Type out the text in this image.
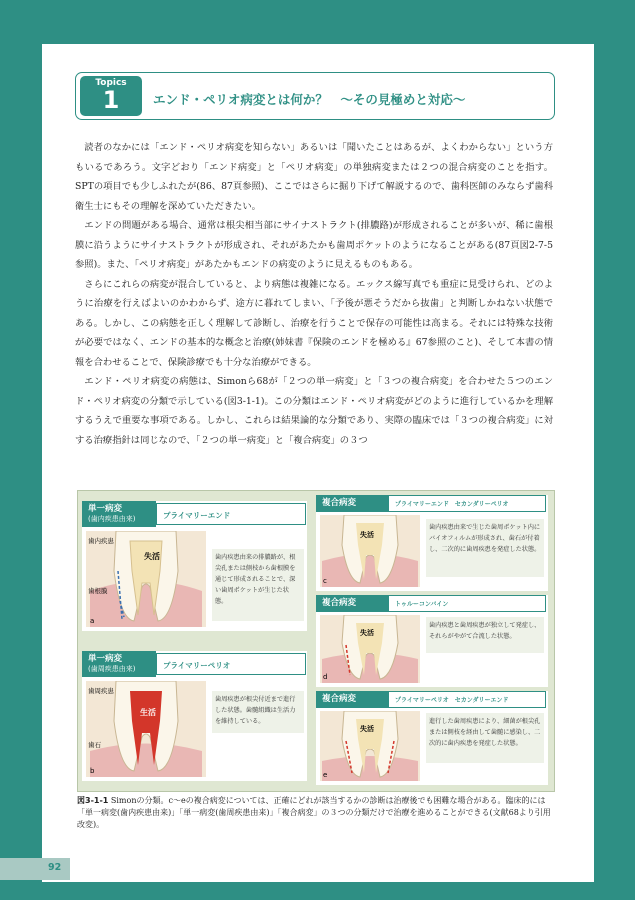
Topics
1	エンド・ペリオ病変とは何か？　～その見極めと対応～

読者のなかには「エンド・ペリオ病変を知らない」あるいは「聞いたことはあるが、よくわからない」という方もいるであろう。文字どおり「エンド病変」と「ペリオ病変」の単独病変または２つの混合病変のことを指す。SPTの項目でも少しふれたが(86、87頁参照)、ここではさらに掘り下げて解説するので、歯科医師のみならず歯科衛生士にもその理解を深めていただきたい。

エンドの問題がある場合、通常は根尖相当部にサイナストラクト(排膿路)が形成されることが多いが、稀に歯根膜に沿うようにサイナストラクトが形成され、それがあたかも歯周ポケットのようになることがある(87頁図2-7-5参照)。また、「ペリオ病変」があたかもエンドの病変のように見えるものもある。

さらにこれらの病変が混合していると、より病態は複雑になる。エックス線写真でも重症に見受けられ、どのように治療を行えばよいのかわからず、途方に暮れてしまい、「予後が悪そうだから抜歯」と判断しかねない状態である。しかし、この病態を正しく理解して診断し、治療を行うことで保存の可能性は高まる。それには特殊な技術が必要ではなく、エンドの基本的な概念と治療(姉妹書『保険のエンドを極める』67参照のこと)、そして本書の情報を合わせることで、保険診療でも十分な治療ができる。

エンド・ペリオ病変の病態は、Simonら68が「２つの単一病変」と「３つの複合病変」を合わせた５つのエンド・ペリオ病変の分類で示している(図3-1-1)。この分類はエンド・ペリオ病変がどのように進行しているかを理解するうえで重要な事項である。しかし、これらは結果論的な分類であり、実際の臨床では「３つの複合病変」に対する治療指針は同じなので、「２つの単一病変」と「複合病変」の３つ

単一病変
(歯内疾患由来)	プライマリーエンド
失活
歯内疾患
歯根膜
a
歯内疾患由来の排膿路が、根尖孔または側枝から歯根膜を通じて形成されることで、深い歯周ポケットが生じた状態。
単一病変
(歯周疾患由来)	プライマリーペリオ
生活
歯周疾患
歯石
b
歯周疾患が根尖付近まで進行した状態。歯髄組織は生活力を維持している。
複合病変	プライマリーエンド　セカンダリーペリオ
失活
c
歯内疾患由来で生じた歯周ポケット内にバイオフィルムが形成され、歯石が付着し、二次的に歯周疾患を発症した状態。
複合病変	トゥルーコンバイン
失活
d
歯内疾患と歯周疾患が独立して発症し、それらがやがて合流した状態。
複合病変	プライマリーペリオ　セカンダリーエンド
失活
e
進行した歯周疾患により、細菌が根尖孔または側枝を経由して歯髄に感染し、二次的に歯内疾患を発症した状態。
図3-1-1 Simonの分類。c～eの複合病変については、正確にどれが該当するかの診断は治療後でも困難な場合がある。臨床的には「単一病変(歯内疾患由来)」「単一病変(歯周疾患由来)」「複合病変」の３つの分類だけで治療を進めることができる(文献68より引用改変)。
92
